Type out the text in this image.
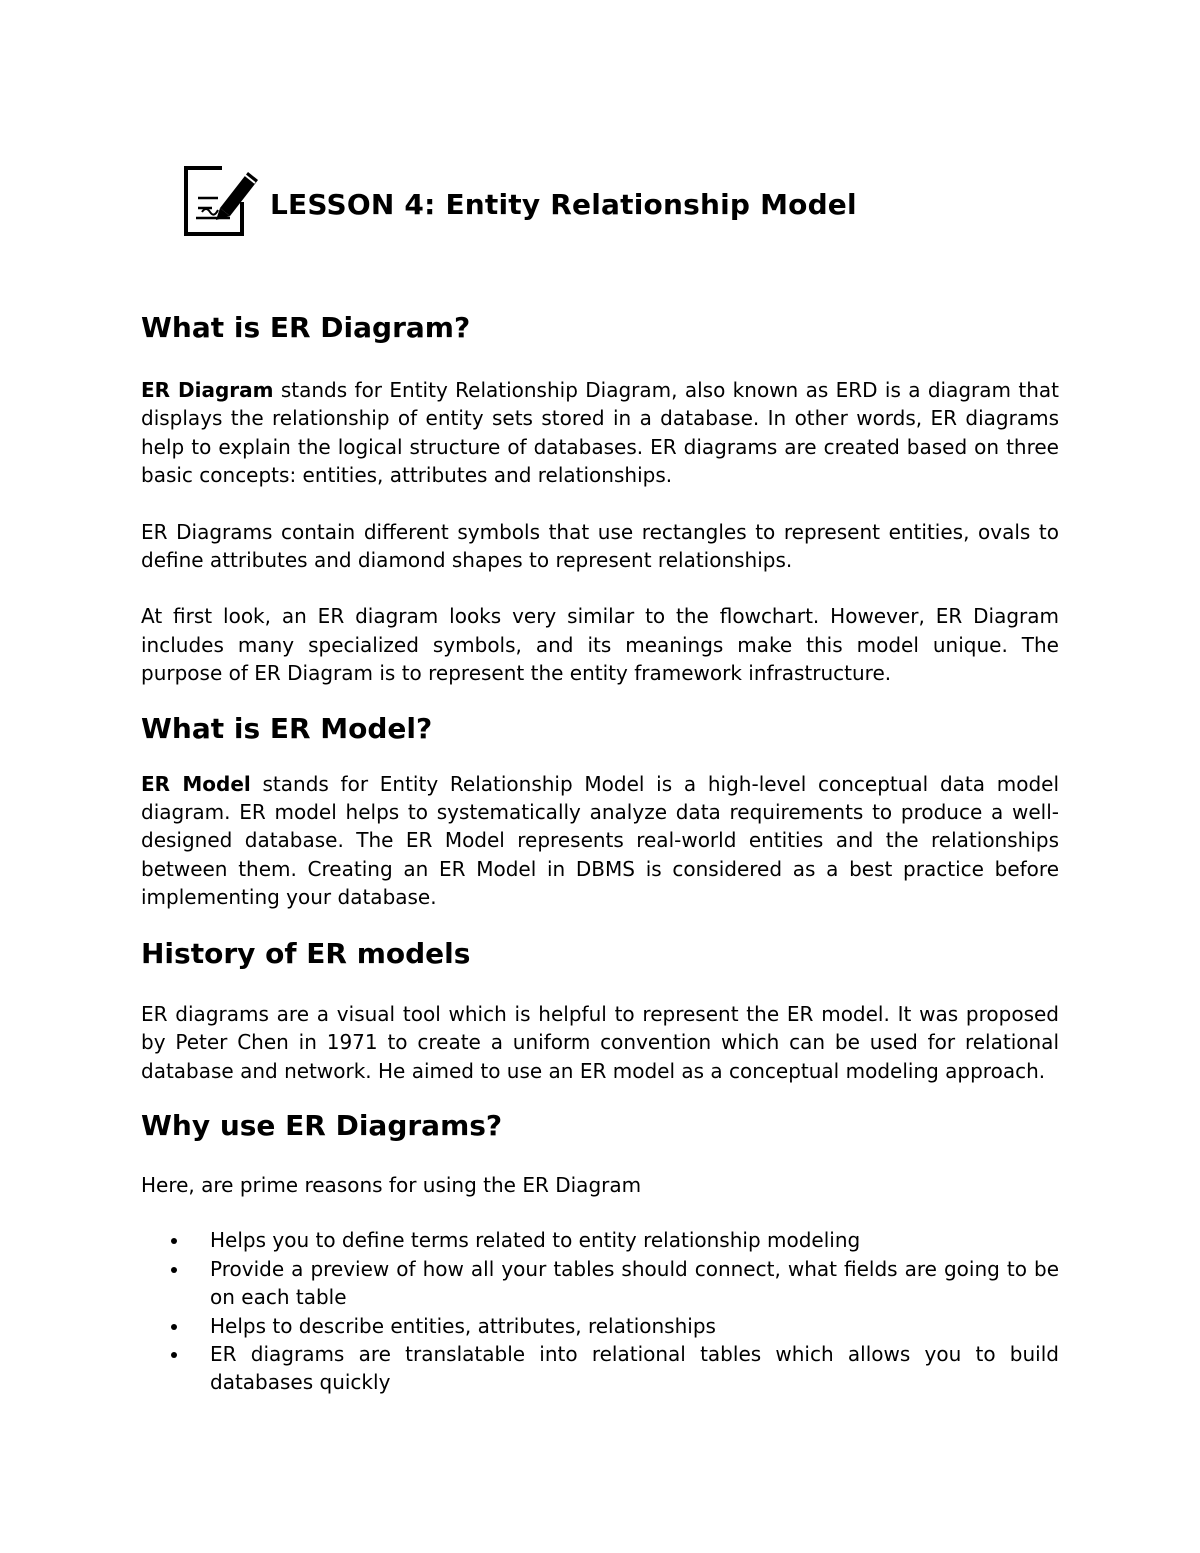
LESSON 4: Entity Relationship Model
What is ER Diagram?

ER Diagram stands for Entity Relationship Diagram, also known as ERD is a diagram that displays the relationship of entity sets stored in a database. In other words, ER diagrams help to explain the logical structure of databases. ER diagrams are created based on three basic concepts: entities, attributes and relationships.

ER Diagrams contain different symbols that use rectangles to represent entities, ovals to define attributes and diamond shapes to represent relationships.

At first look, an ER diagram looks very similar to the flowchart. However, ER Diagram includes many specialized symbols, and its meanings make this model unique. The purpose of ER Diagram is to represent the entity framework infrastructure.

What is ER Model?

ER Model stands for Entity Relationship Model is a high-level conceptual data model diagram. ER model helps to systematically analyze data requirements to produce a well-designed database. The ER Model represents real-world entities and the relationships between them. Creating an ER Model in DBMS is considered as a best practice before implementing your database.

History of ER models

ER diagrams are a visual tool which is helpful to represent the ER model. It was proposed by Peter Chen in 1971 to create a uniform convention which can be used for relational database and network. He aimed to use an ER model as a conceptual modeling approach.

Why use ER Diagrams?

Here, are prime reasons for using the ER Diagram

Helps you to define terms related to entity relationship modeling
Provide a preview of how all your tables should connect, what fields are going to be on each table
Helps to describe entities, attributes, relationships
ER diagrams are translatable into relational tables which allows you to build databases quickly
